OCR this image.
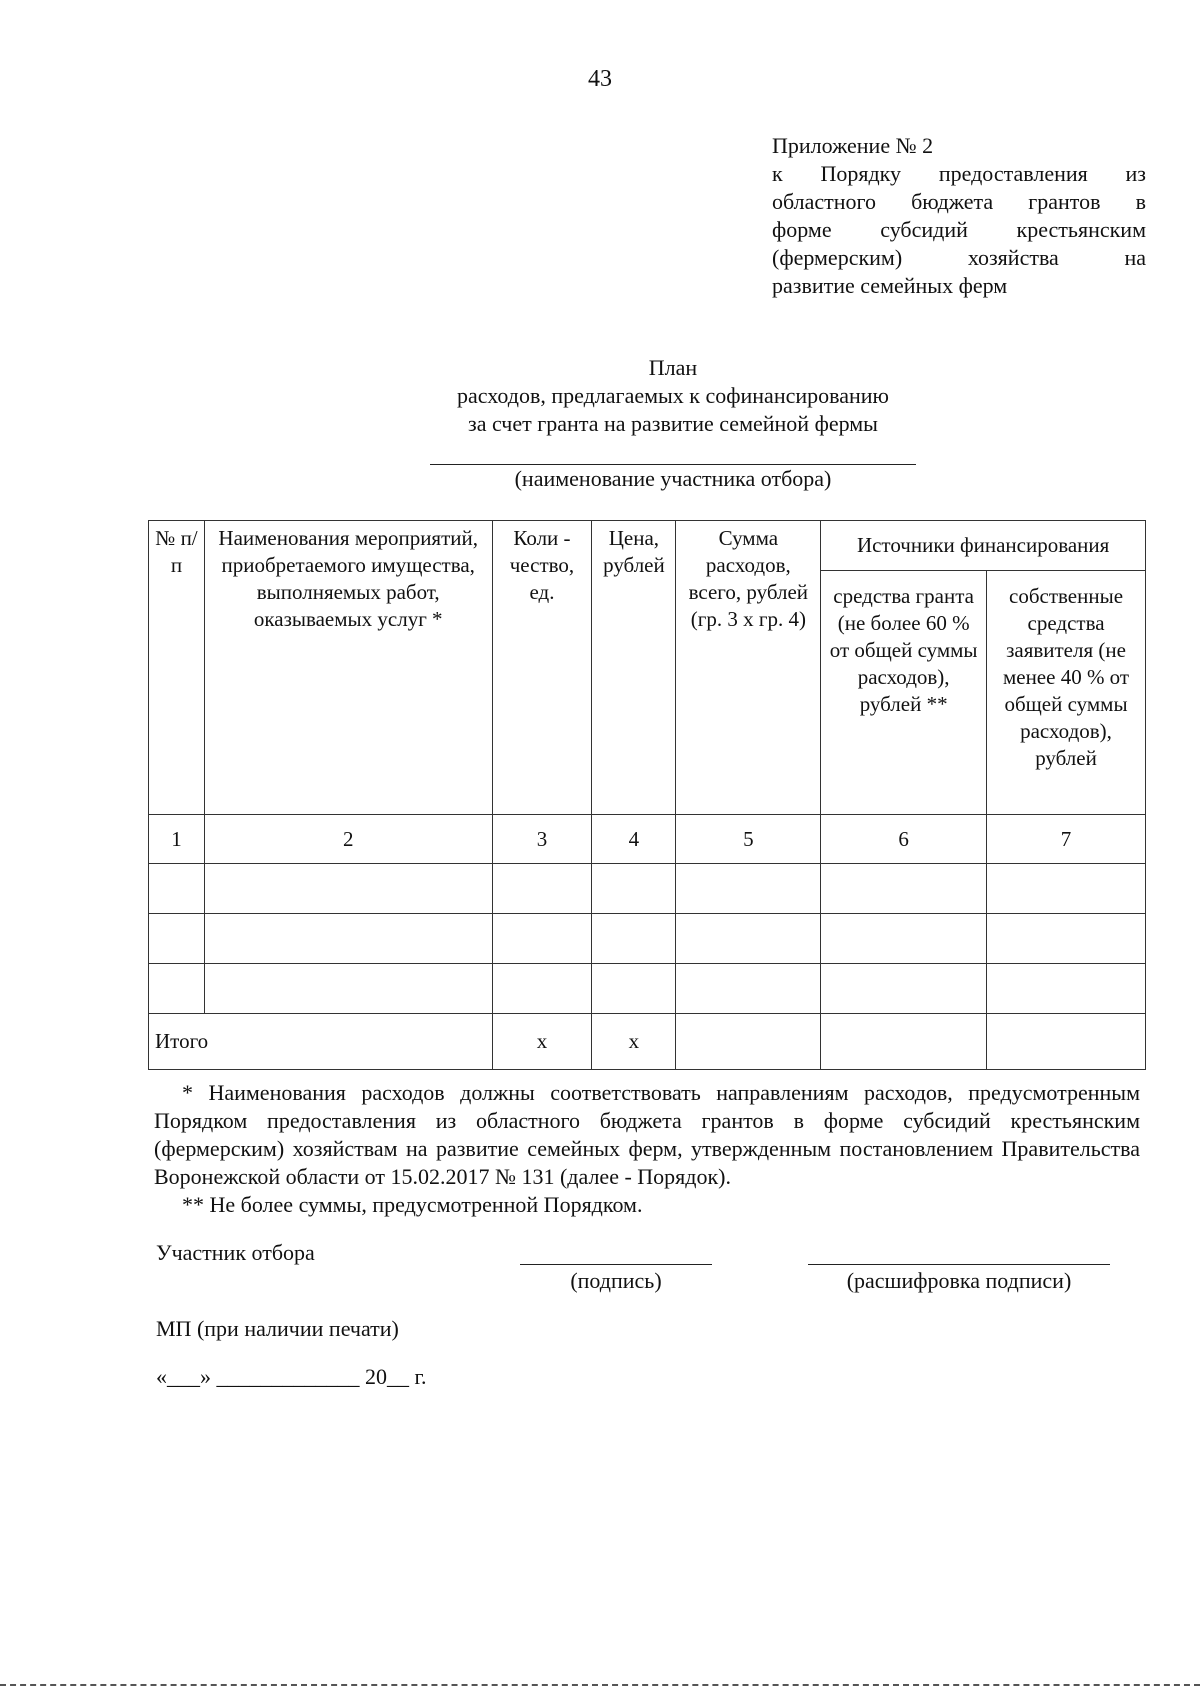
43
Приложение № 2
к Порядку предоставления из
областного бюджета грантов в
форме субсидий крестьянским
(фермерским) хозяйства на
развитие семейных ферм
План
расходов, предлагаемых к софинансированию
за счет гранта на развитие семейной фермы
(наименование участника отбора)
№ п/п	Наименования мероприятий, приобретаемого имущества, выполняемых работ, оказываемых услуг *	Коли - чество, ед.	Цена, рублей	Сумма расходов, всего, рублей (гр. 3 х гр. 4)	Источники финансирования	
					средства гранта (не более 60 % от общей суммы расходов), рублей **	собственные средства заявителя (не менее 40 % от общей суммы расходов), рублей
1	2	3	4	5	6	7

Итого		х	х			
* Наименования расходов должны соответствовать направлениям расходов, предусмотренным Порядком предоставления из областного бюджета грантов в форме субсидий крестьянским (фермерским) хозяйствам на развитие семейных ферм, утвержденным постановлением Правительства Воронежской области от 15.02.2017 № 131 (далее - Порядок).
** Не более суммы, предусмотренной Порядком.
Участник отбора
(подпись)	(расшифровка подписи)
МП (при наличии печати)
«___» _____________ 20__ г.
